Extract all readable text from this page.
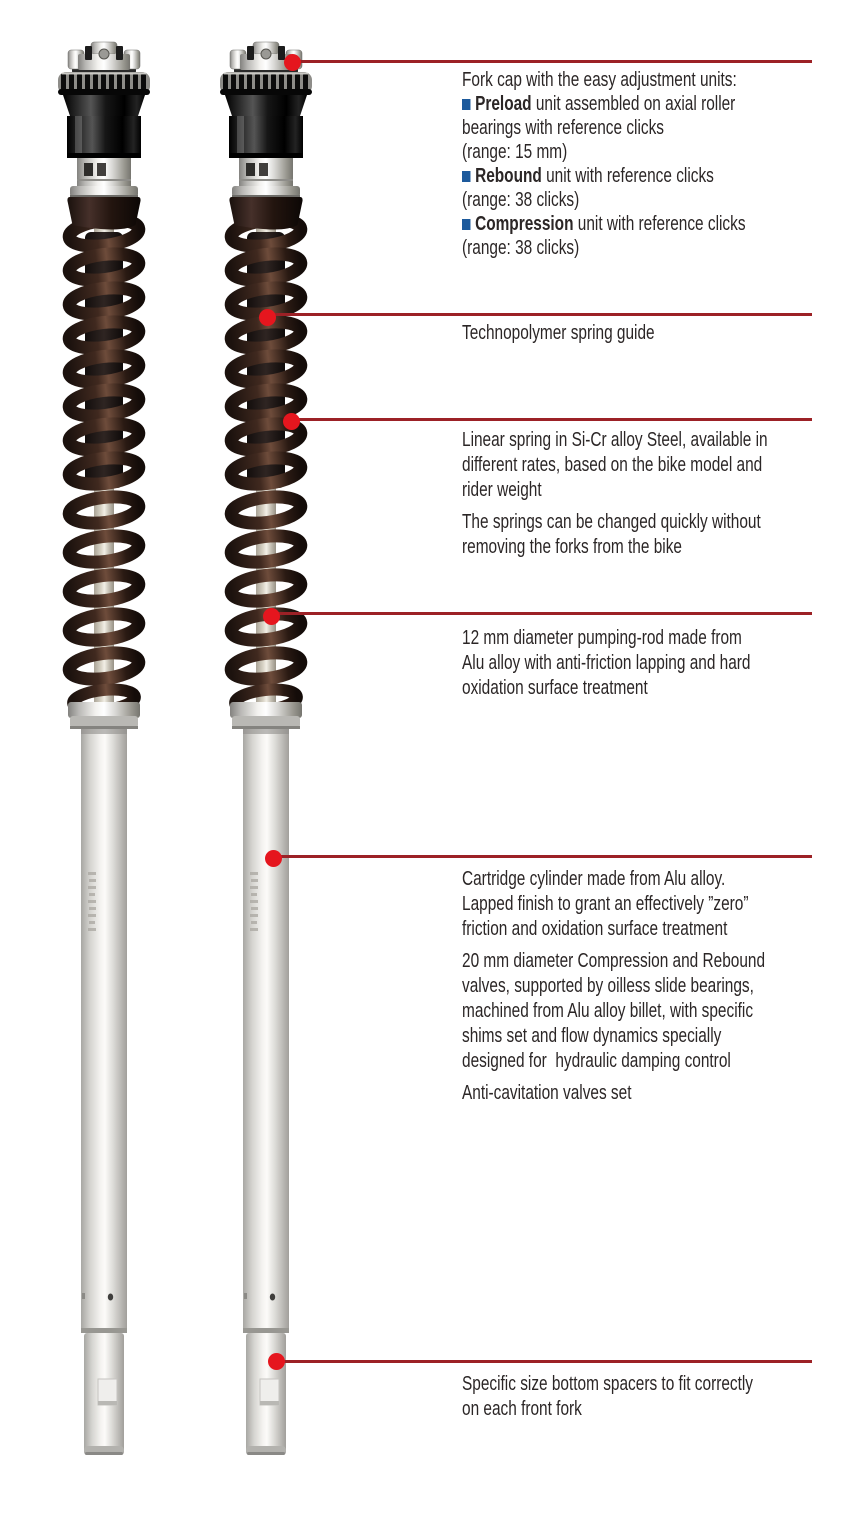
Fork cap with the easy adjustment units:
Preload unit assembled on axial roller
bearings with reference clicks
(range: 15 mm)
Rebound unit with reference clicks
(range: 38 clicks)
Compression unit with reference clicks
(range: 38 clicks)

Technopolymer spring guide

Linear spring in Si-Cr alloy Steel, available in
different rates, based on the bike model and
rider weight

The springs can be changed quickly without
removing the forks from the bike

12 mm diameter pumping-rod made from
Alu alloy with anti-friction lapping and hard
oxidation surface treatment

Cartridge cylinder made from Alu alloy.
Lapped finish to grant an effectively ”zero”
friction and oxidation surface treatment

20 mm diameter Compression and Rebound
valves, supported by oilless slide bearings,
machined from Alu alloy billet, with specific
shims set and flow dynamics specially
designed for  hydraulic damping control

Anti-cavitation valves set

Specific size bottom spacers to fit correctly
on each front fork
